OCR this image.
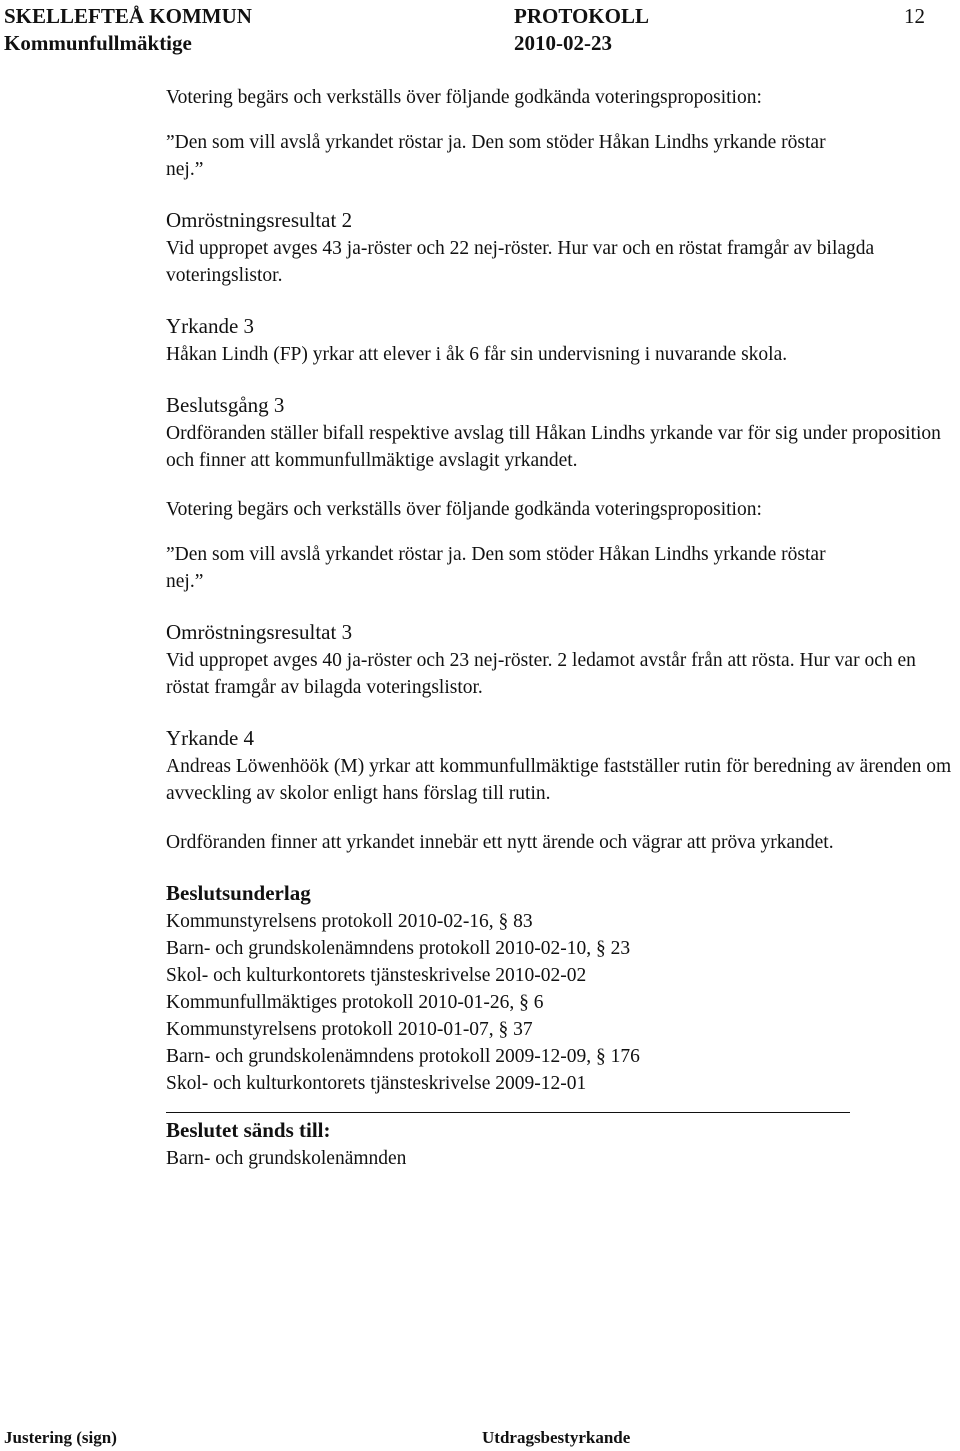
SKELLEFTEÅ KOMMUN
Kommunfullmäktige
PROTOKOLL
2010-02-23
12

Votering begärs och verkställs över följande godkända voteringsproposition:

”Den som vill avslå yrkandet röstar ja. Den som stöder Håkan Lindhs yrkande röstar

nej.”

Omröstningsresultat 2

Vid uppropet avges 43 ja-röster och 22 nej-röster. Hur var och en röstat framgår av bilagda voteringslistor.

Yrkande 3

Håkan Lindh (FP) yrkar att elever i åk 6 får sin undervisning i nuvarande skola.

Beslutsgång 3

Ordföranden ställer bifall respektive avslag till Håkan Lindhs yrkande var för sig under proposition och finner att kommunfullmäktige avslagit yrkandet.

Votering begärs och verkställs över följande godkända voteringsproposition:

”Den som vill avslå yrkandet röstar ja. Den som stöder Håkan Lindhs yrkande röstar

nej.”

Omröstningsresultat 3

Vid uppropet avges 40 ja-röster och 23 nej-röster. 2 ledamot avstår från att rösta. Hur var och en röstat framgår av bilagda voteringslistor.

Yrkande 4

Andreas Löwenhöök (M) yrkar att kommunfullmäktige fastställer rutin för beredning av ärenden om avveckling av skolor enligt hans förslag till rutin.

Ordföranden finner att yrkandet innebär ett nytt ärende och vägrar att pröva yrkandet.

Beslutsunderlag

Kommunstyrelsens protokoll 2010-02-16, § 83

Barn- och grundskolenämndens protokoll 2010-02-10, § 23

Skol- och kulturkontorets tjänsteskrivelse 2010-02-02

Kommunfullmäktiges protokoll 2010-01-26, § 6

Kommunstyrelsens protokoll 2010-01-07, § 37

Barn- och grundskolenämndens protokoll 2009-12-09, § 176

Skol- och kulturkontorets tjänsteskrivelse 2009-12-01

Beslutet sänds till:

Barn- och grundskolenämnden

Justering (sign)	Utdragsbestyrkande
